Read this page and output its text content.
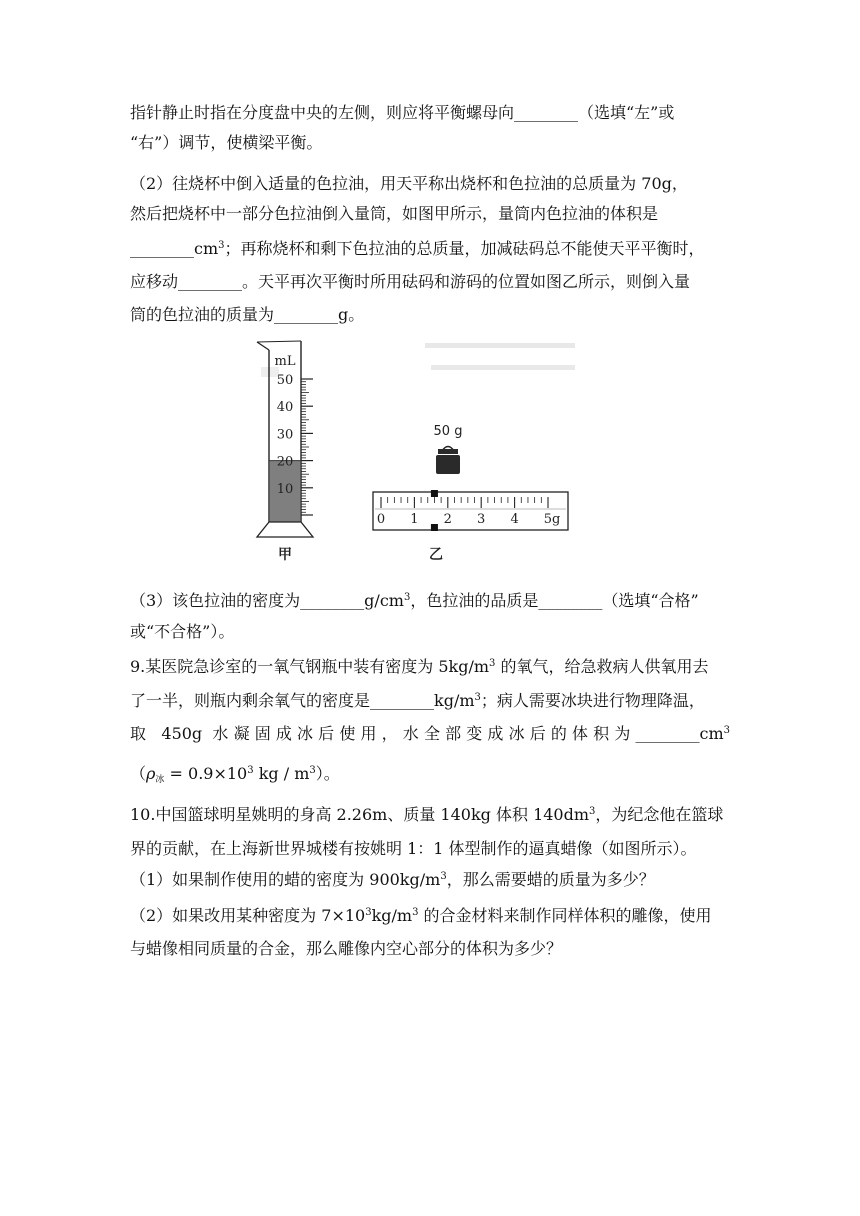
指针静止时指在分度盘中央的左侧，则应将平衡螺母向________（选填“左”或
“右”）调节，使横梁平衡。
（2）往烧杯中倒入适量的色拉油，用天平称出烧杯和色拉油的总质量为 70g，
然后把烧杯中一部分色拉油倒入量筒，如图甲所示，量筒内色拉油的体积是
$\_\_\_\_\_\_\_\_cm^3$；再称烧杯和剩下色拉油的总质量，加减砝码总不能使天平平衡时，
应移动________。天平再次平衡时所用砝码和游码的位置如图乙所示，则倒入量
筒的色拉油的质量为________g。
mL
50
40
30
20
10
甲
50 g
0 1 2 3 4 5g
乙
（3）该色拉油的密度为$\_\_\_\_\_\_\_\_g/cm^3$，色拉油的品质是________（选填“合格”
或“不合格”）。
9.某医院急诊室的一氧气钢瓶中装有密度为 $5kg/m^3$ 的氧气，给急救病人供氧用去
了一半，则瓶内剩余氧气的密度是$\_\_\_\_\_\_\_\_kg/m^3$；病人需要冰块进行物理降温，
取 450g 水凝固成冰后使用，水全部变成冰后的体积为$\_\_\_\_\_\_\_\_cm^3$
（$\rho_冰 = 0.9\times 10^3$ kg / $m^3$）。
10.中国篮球明星姚明的身高 2.26m、质量 140kg 体积 $140dm^3$，为纪念他在篮球
界的贡献，在上海新世界城楼有按姚明 1：1 体型制作的逼真蜡像（如图所示）。
（1）如果制作使用的蜡的密度为 $900kg/m^3$，那么需要蜡的质量为多少？
（2）如果改用某种密度为 $7\times 10^3kg/m^3$ 的合金材料来制作同样体积的雕像，使用
与蜡像相同质量的合金，那么雕像内空心部分的体积为多少？
